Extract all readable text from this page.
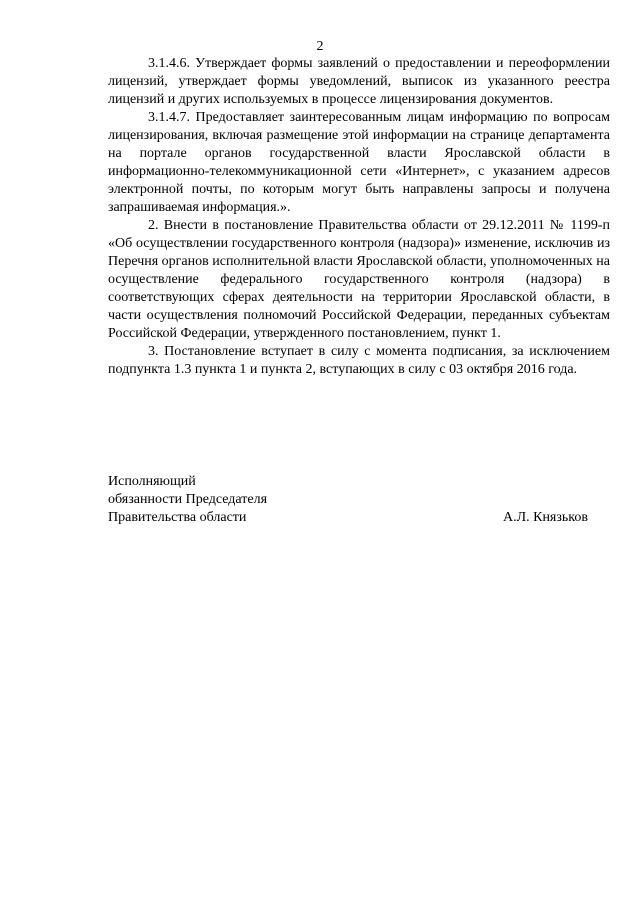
2

3.1.4.6. Утверждает формы заявлений о предоставлении и переоформлении лицензий, утверждает формы уведомлений, выписок из указанного реестра лицензий и других используемых в процессе лицензирования документов.

3.1.4.7. Предоставляет заинтересованным лицам информацию по вопросам лицензирования, включая размещение этой информации на странице департамента на портале органов государственной власти Ярославской области в информационно-телекоммуникационной сети «Интернет», с указанием адресов электронной почты, по которым могут быть направлены запросы и получена запрашиваемая информация.».

2. Внести в постановление Правительства области от 29.12.2011 № 1199-п «Об осуществлении государственного контроля (надзора)» изменение, исключив из Перечня органов исполнительной власти Ярославской области, уполномоченных на осуществление федерального государственного контроля (надзора) в соответствующих сферах деятельности на территории Ярославской области, в части осуществления полномочий Российской Федерации, переданных субъектам Российской Федерации, утвержденного постановлением, пункт 1.

3. Постановление вступает в силу с момента подписания, за исключением подпункта 1.3 пункта 1 и пункта 2, вступающих в силу с 03 октября 2016 года.

Исполняющий
обязанности Председателя
Правительства области	А.Л. Князьков
